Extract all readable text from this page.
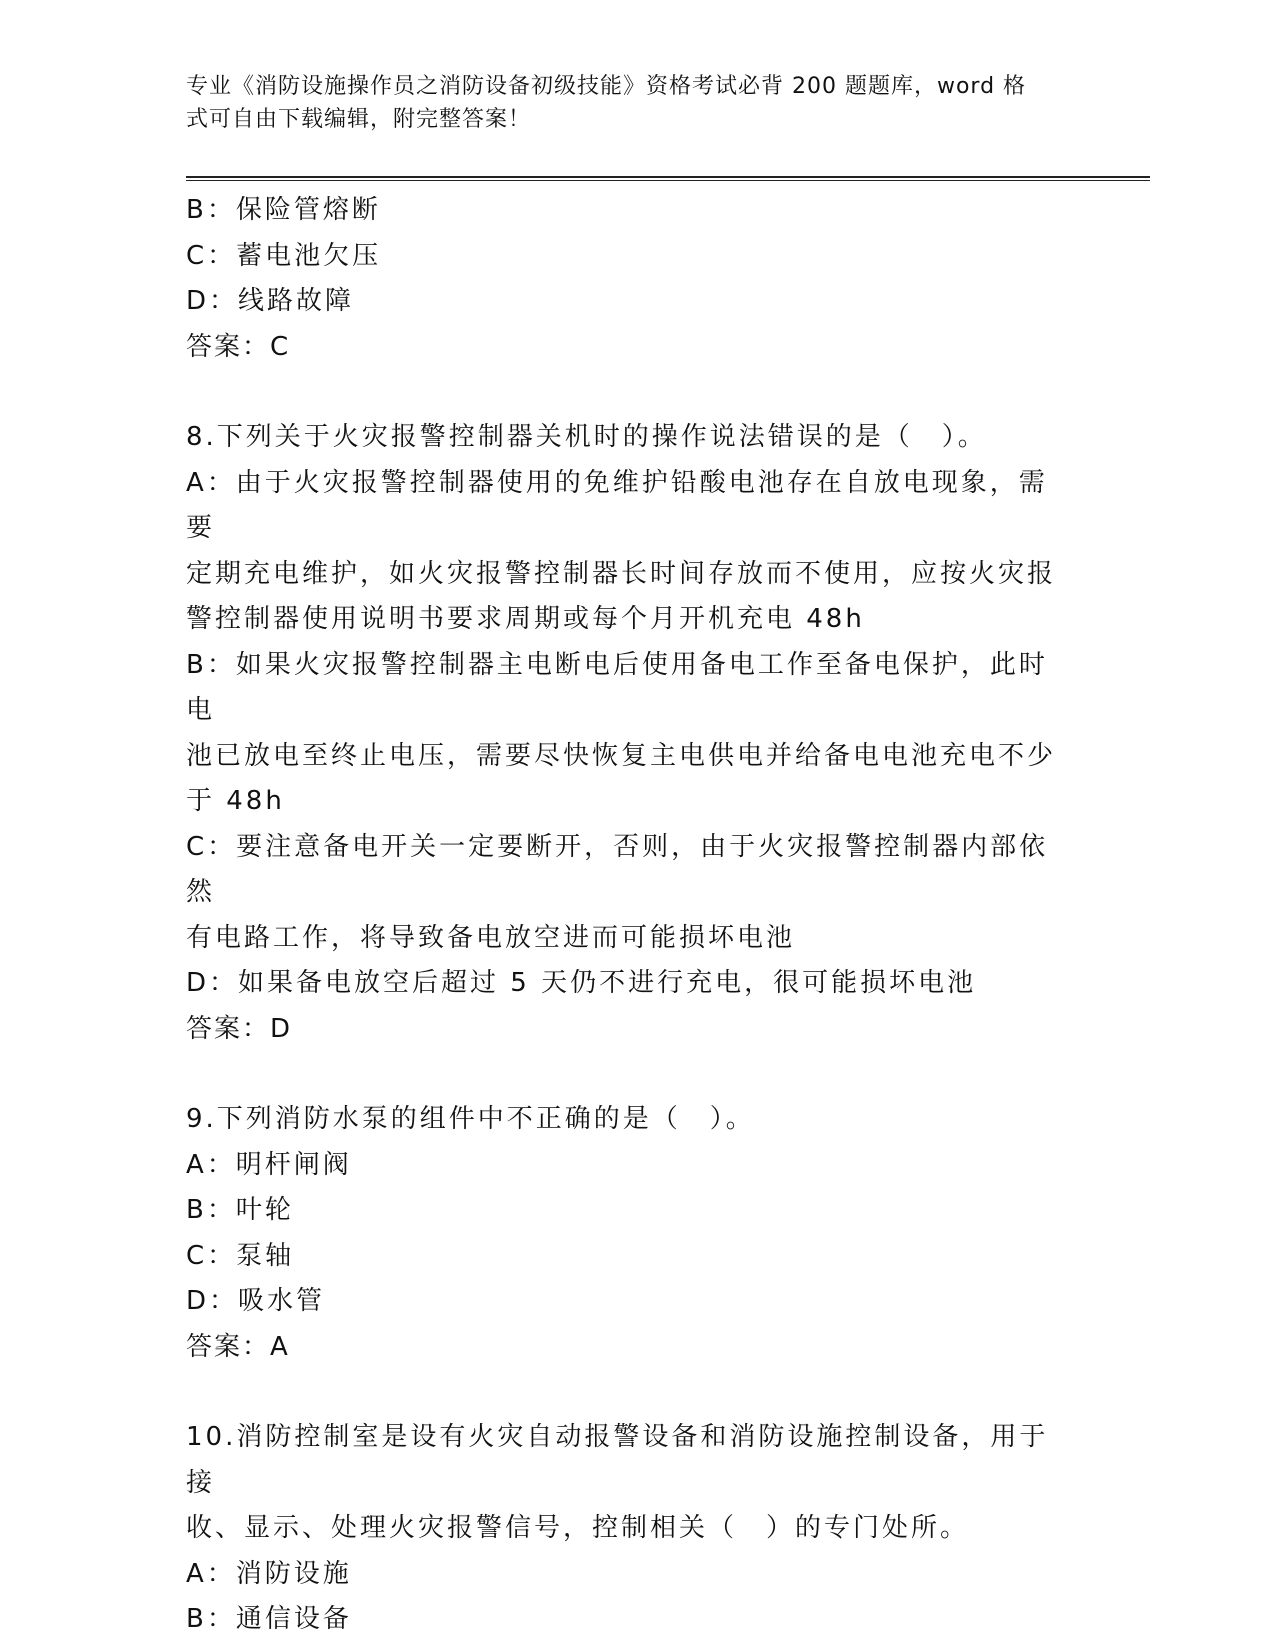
专业《消防设施操作员之消防设备初级技能》资格考试必背 200 题题库，word 格
式可自由下载编辑，附完整答案！
B：保险管熔断
C：蓄电池欠压
D：线路故障
答案：C
8.下列关于火灾报警控制器关机时的操作说法错误的是（　）。
A：由于火灾报警控制器使用的免维护铅酸电池存在自放电现象，需要
定期充电维护，如火灾报警控制器长时间存放而不使用，应按火灾报
警控制器使用说明书要求周期或每个月开机充电 48h
B：如果火灾报警控制器主电断电后使用备电工作至备电保护，此时电
池已放电至终止电压，需要尽快恢复主电供电并给备电电池充电不少
于 48h
C：要注意备电开关一定要断开，否则，由于火灾报警控制器内部依然
有电路工作，将导致备电放空进而可能损坏电池
D：如果备电放空后超过 5 天仍不进行充电，很可能损坏电池
答案：D
9.下列消防水泵的组件中不正确的是（　）。
A：明杆闸阀
B：叶轮
C：泵轴
D：吸水管
答案：A
10.消防控制室是设有火灾自动报警设备和消防设施控制设备，用于接
收、显示、处理火灾报警信号，控制相关（　）的专门处所。
A：消防设施
B：通信设备
